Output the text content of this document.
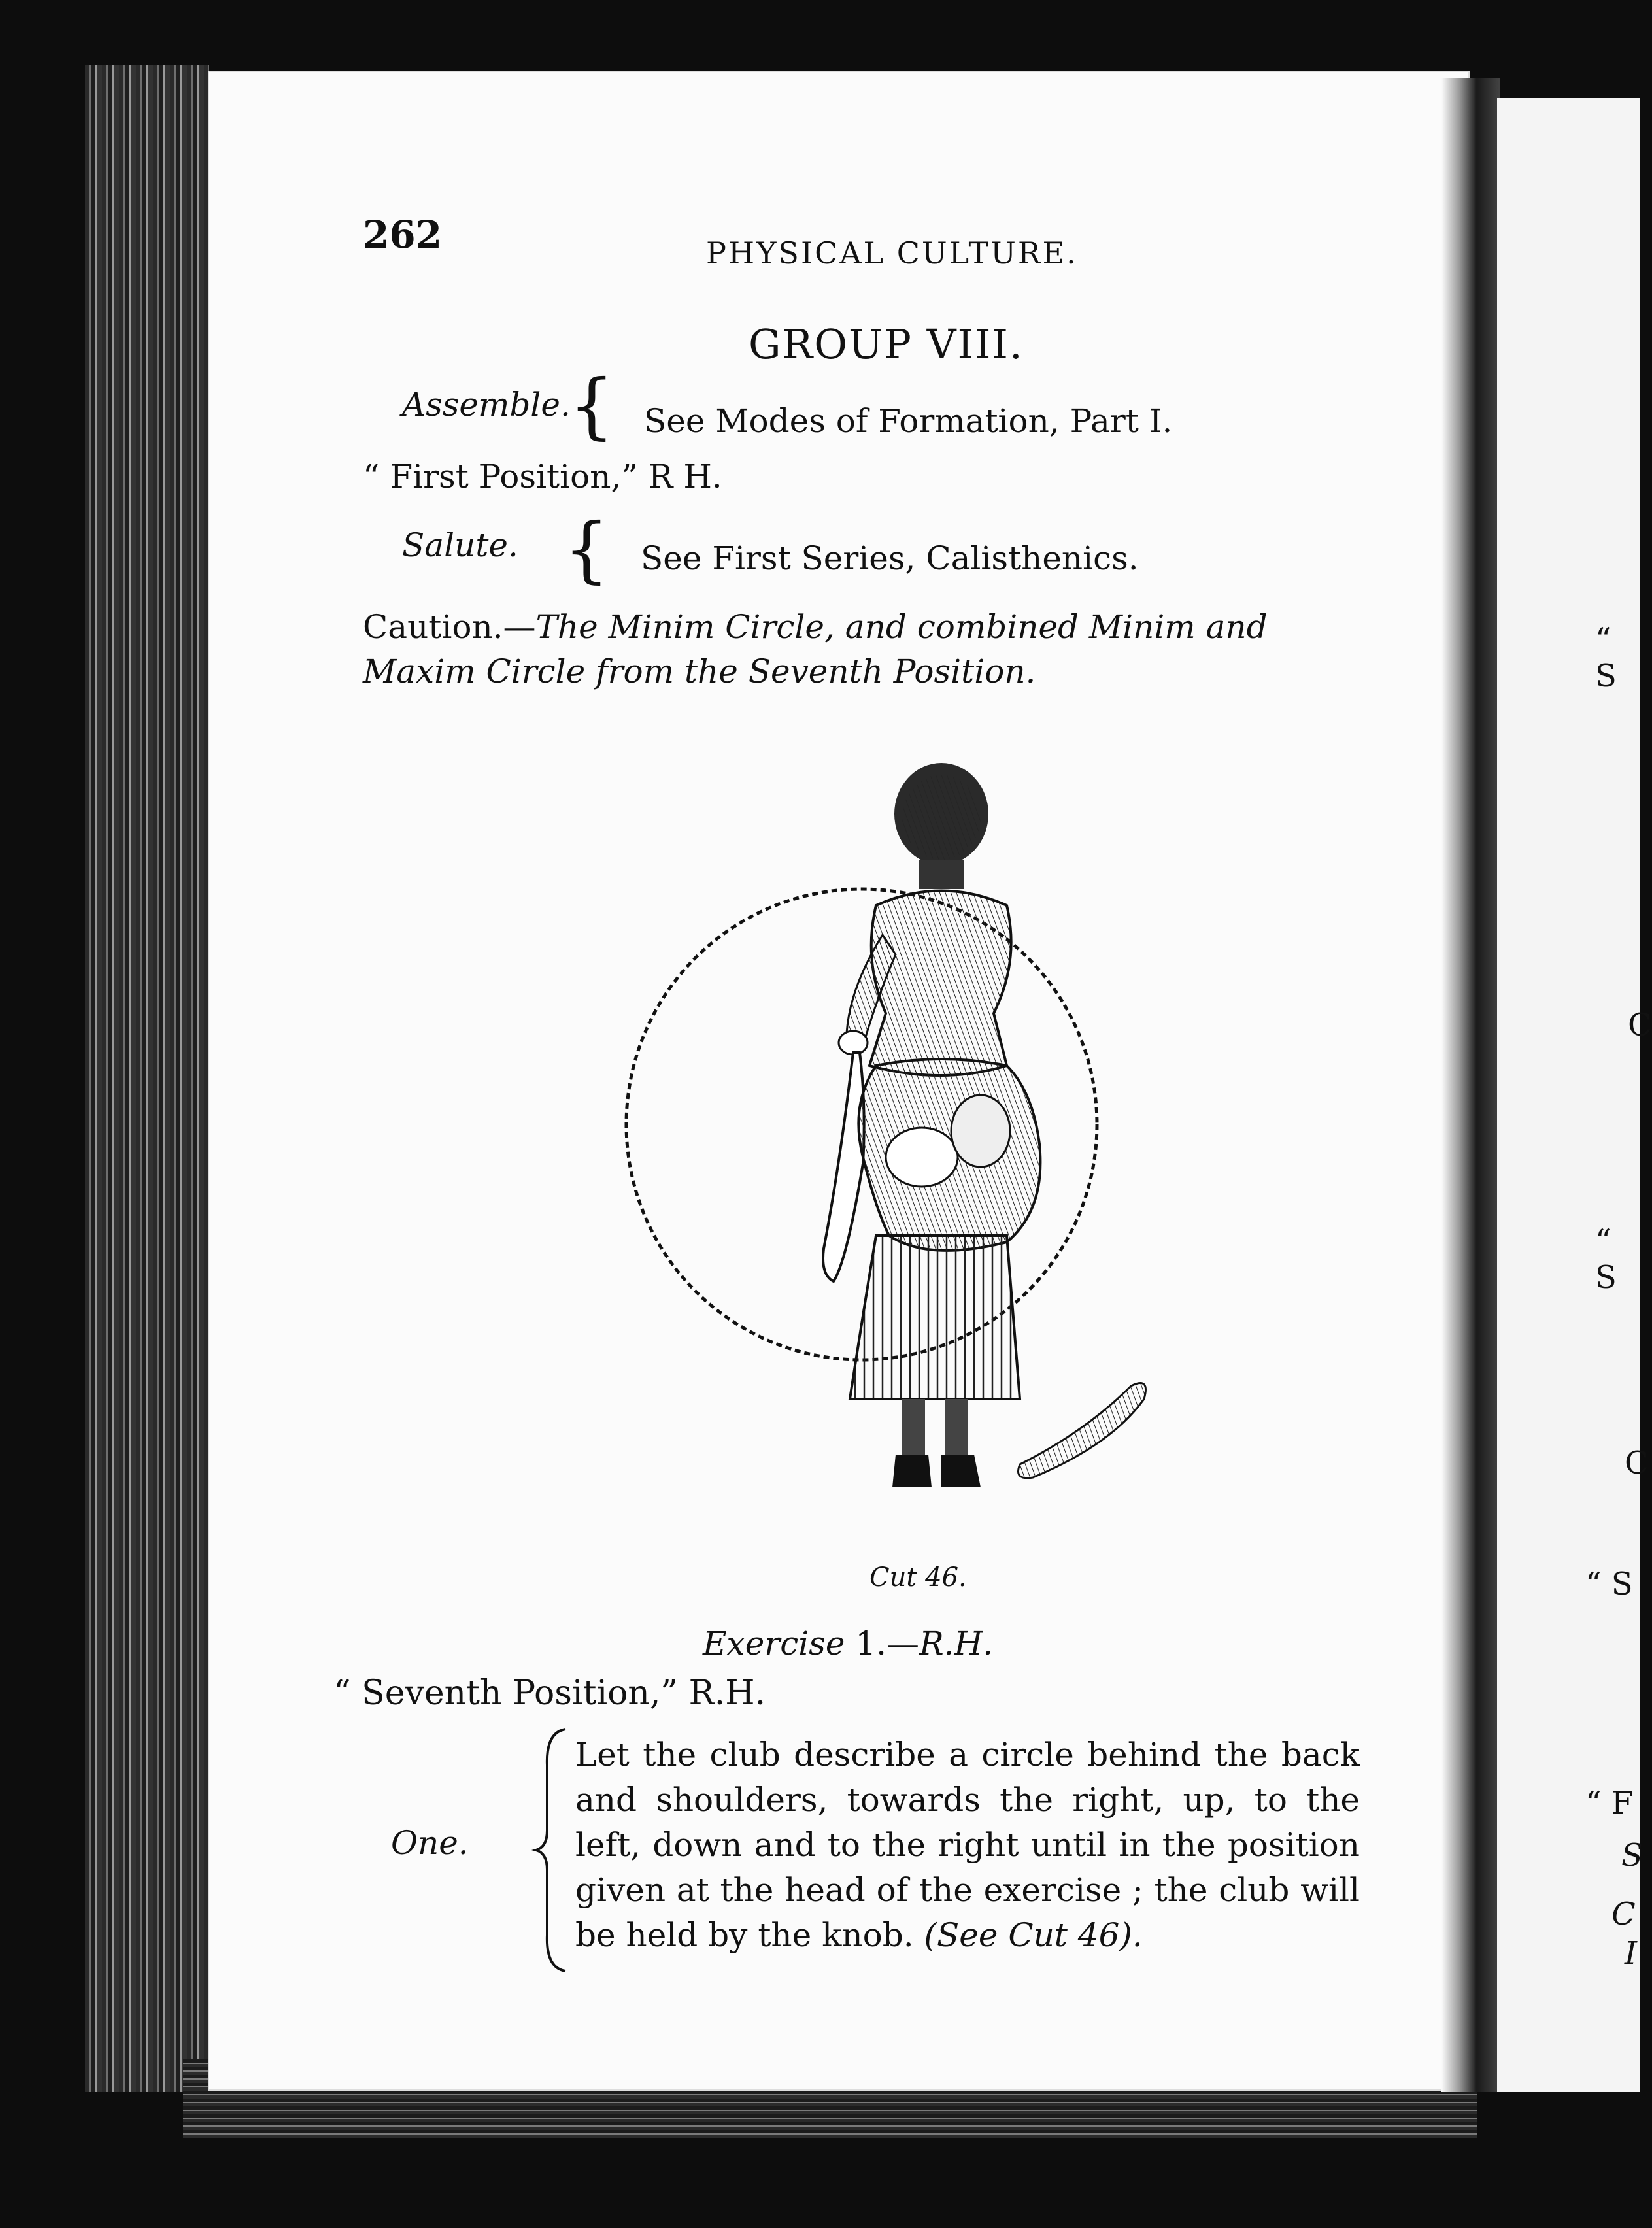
“ S
C
“ S
C
“ S
“ F
S
C
I
262	PHYSICAL CULTURE.
GROUP VIII.
Assemble.
{ See Modes of Formation, Part I.
“ First Position,” R H.
Salute. { See First Series, Calisthenics.
Caution.—The Minim Circle, and combined Minim and Maxim Circle from the Seventh Position.
Cut 46.
Exercise 1.—R.H.
“ Seventh Position,” R.H.
One.
Let the club describe a circle behind the back and shoulders, towards the right, up, to the left, down and to the right until in the position given at the head of the exercise ; the club will be held by the knob. (See Cut 46).
